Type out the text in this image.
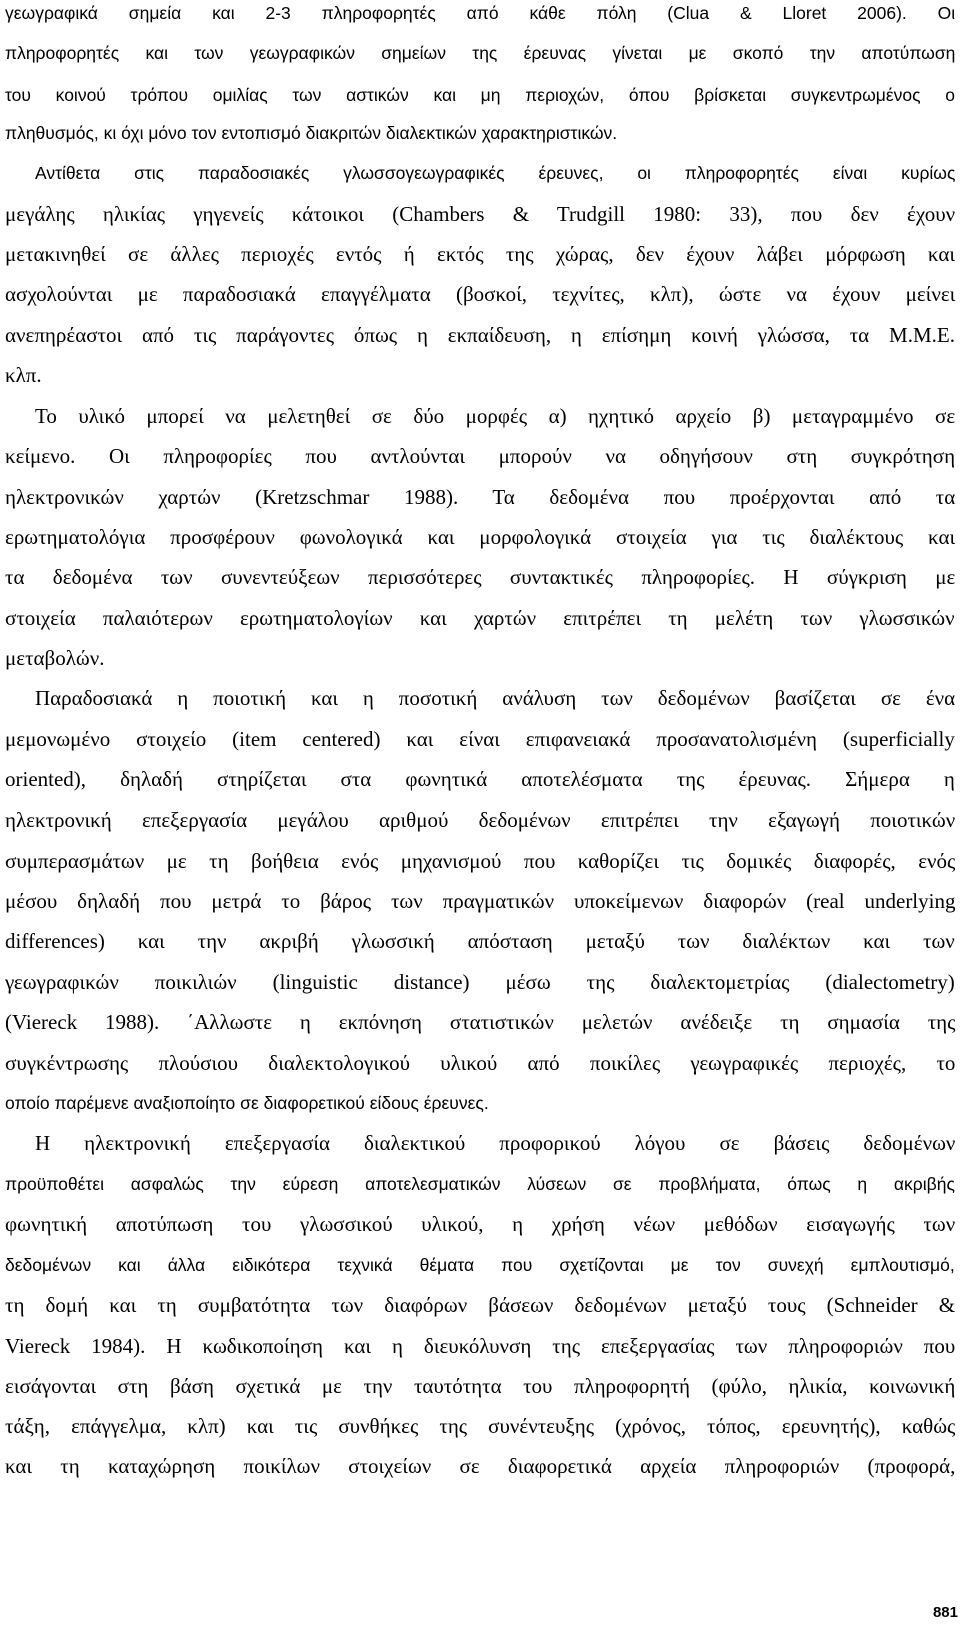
γεωγραφικά σημεία και 2-3 πληροφορητές από κάθε πόλη (Clua & Lloret 2006). Οι

πληροφορητές και των γεωγραφικών σημείων της έρευνας γίνεται με σκοπό την αποτύπωση

του κοινού τρόπου ομιλίας των αστικών και μη περιοχών, όπου βρίσκεται συγκεντρωμένος ο

πληθυσμός, κι όχι μόνο τον εντοπισμό διακριτών διαλεκτικών χαρακτηριστικών.

Αντίθετα στις παραδοσιακές γλωσσογεωγραφικές έρευνες, οι πληροφορητές είναι κυρίως

μεγάλης ηλικίας γηγενείς κάτοικοι (Chambers & Trudgill 1980: 33), που δεν έχουν

μετακινηθεί σε άλλες περιοχές εντός ή εκτός της χώρας, δεν έχουν λάβει μόρφωση και

ασχολούνται με παραδοσιακά επαγγέλματα (βοσκοί, τεχνίτες, κλπ), ώστε να έχουν μείνει

ανεπηρέαστοι από τις παράγοντες όπως η εκπαίδευση, η επίσημη κοινή γλώσσα, τα Μ.Μ.Ε.

κλπ.

Το υλικό μπορεί να μελετηθεί σε δύο μορφές α) ηχητικό αρχείο β) μεταγραμμένο σε

κείμενο. Οι πληροφορίες που αντλούνται μπορούν να οδηγήσουν στη συγκρότηση

ηλεκτρονικών χαρτών (Kretzschmar 1988). Τα δεδομένα που προέρχονται από τα

ερωτηματολόγια προσφέρουν φωνολογικά και μορφολογικά στοιχεία για τις διαλέκτους και

τα δεδομένα των συνεντεύξεων περισσότερες συντακτικές πληροφορίες. Η σύγκριση με

στοιχεία παλαιότερων ερωτηματολογίων και χαρτών επιτρέπει τη μελέτη των γλωσσικών

μεταβολών.

Παραδοσιακά η ποιοτική και η ποσοτική ανάλυση των δεδομένων βασίζεται σε ένα

μεμονωμένο στοιχείο (item centered) και είναι επιφανειακά προσανατολισμένη (superficially

oriented), δηλαδή στηρίζεται στα φωνητικά αποτελέσματα της έρευνας. Σήμερα η

ηλεκτρονική επεξεργασία μεγάλου αριθμού δεδομένων επιτρέπει την εξαγωγή ποιοτικών

συμπερασμάτων με τη βοήθεια ενός μηχανισμού που καθορίζει τις δομικές διαφορές, ενός

μέσου δηλαδή που μετρά το βάρος των πραγματικών υποκείμενων διαφορών (real underlying

differences) και την ακριβή γλωσσική απόσταση μεταξύ των διαλέκτων και των

γεωγραφικών ποικιλιών (linguistic distance) μέσω της διαλεκτομετρίας (dialectometry)

(Viereck 1988). ΄Αλλωστε η εκπόνηση στατιστικών μελετών ανέδειξε τη σημασία της

συγκέντρωσης πλούσιου διαλεκτολογικού υλικού από ποικίλες γεωγραφικές περιοχές, το

οποίο παρέμενε αναξιοποίητο σε διαφορετικού είδους έρευνες.

Η ηλεκτρονική επεξεργασία διαλεκτικού προφορικού λόγου σε βάσεις δεδομένων

προϋποθέτει ασφαλώς την εύρεση αποτελεσματικών λύσεων σε προβλήματα, όπως η ακριβής

φωνητική αποτύπωση του γλωσσικού υλικού, η χρήση νέων μεθόδων εισαγωγής των

δεδομένων και άλλα ειδικότερα τεχνικά θέματα που σχετίζονται με τον συνεχή εμπλουτισμό,

τη δομή και τη συμβατότητα των διαφόρων βάσεων δεδομένων μεταξύ τους (Schneider &

Viereck 1984). Η κωδικοποίηση και η διευκόλυνση της επεξεργασίας των πληροφοριών που

εισάγονται στη βάση σχετικά με την ταυτότητα του πληροφορητή (φύλο, ηλικία, κοινωνική

τάξη, επάγγελμα, κλπ) και τις συνθήκες της συνέντευξης (χρόνος, τόπος, ερευνητής), καθώς

και τη καταχώρηση ποικίλων στοιχείων σε διαφορετικά αρχεία πληροφοριών (προφορά,

881
